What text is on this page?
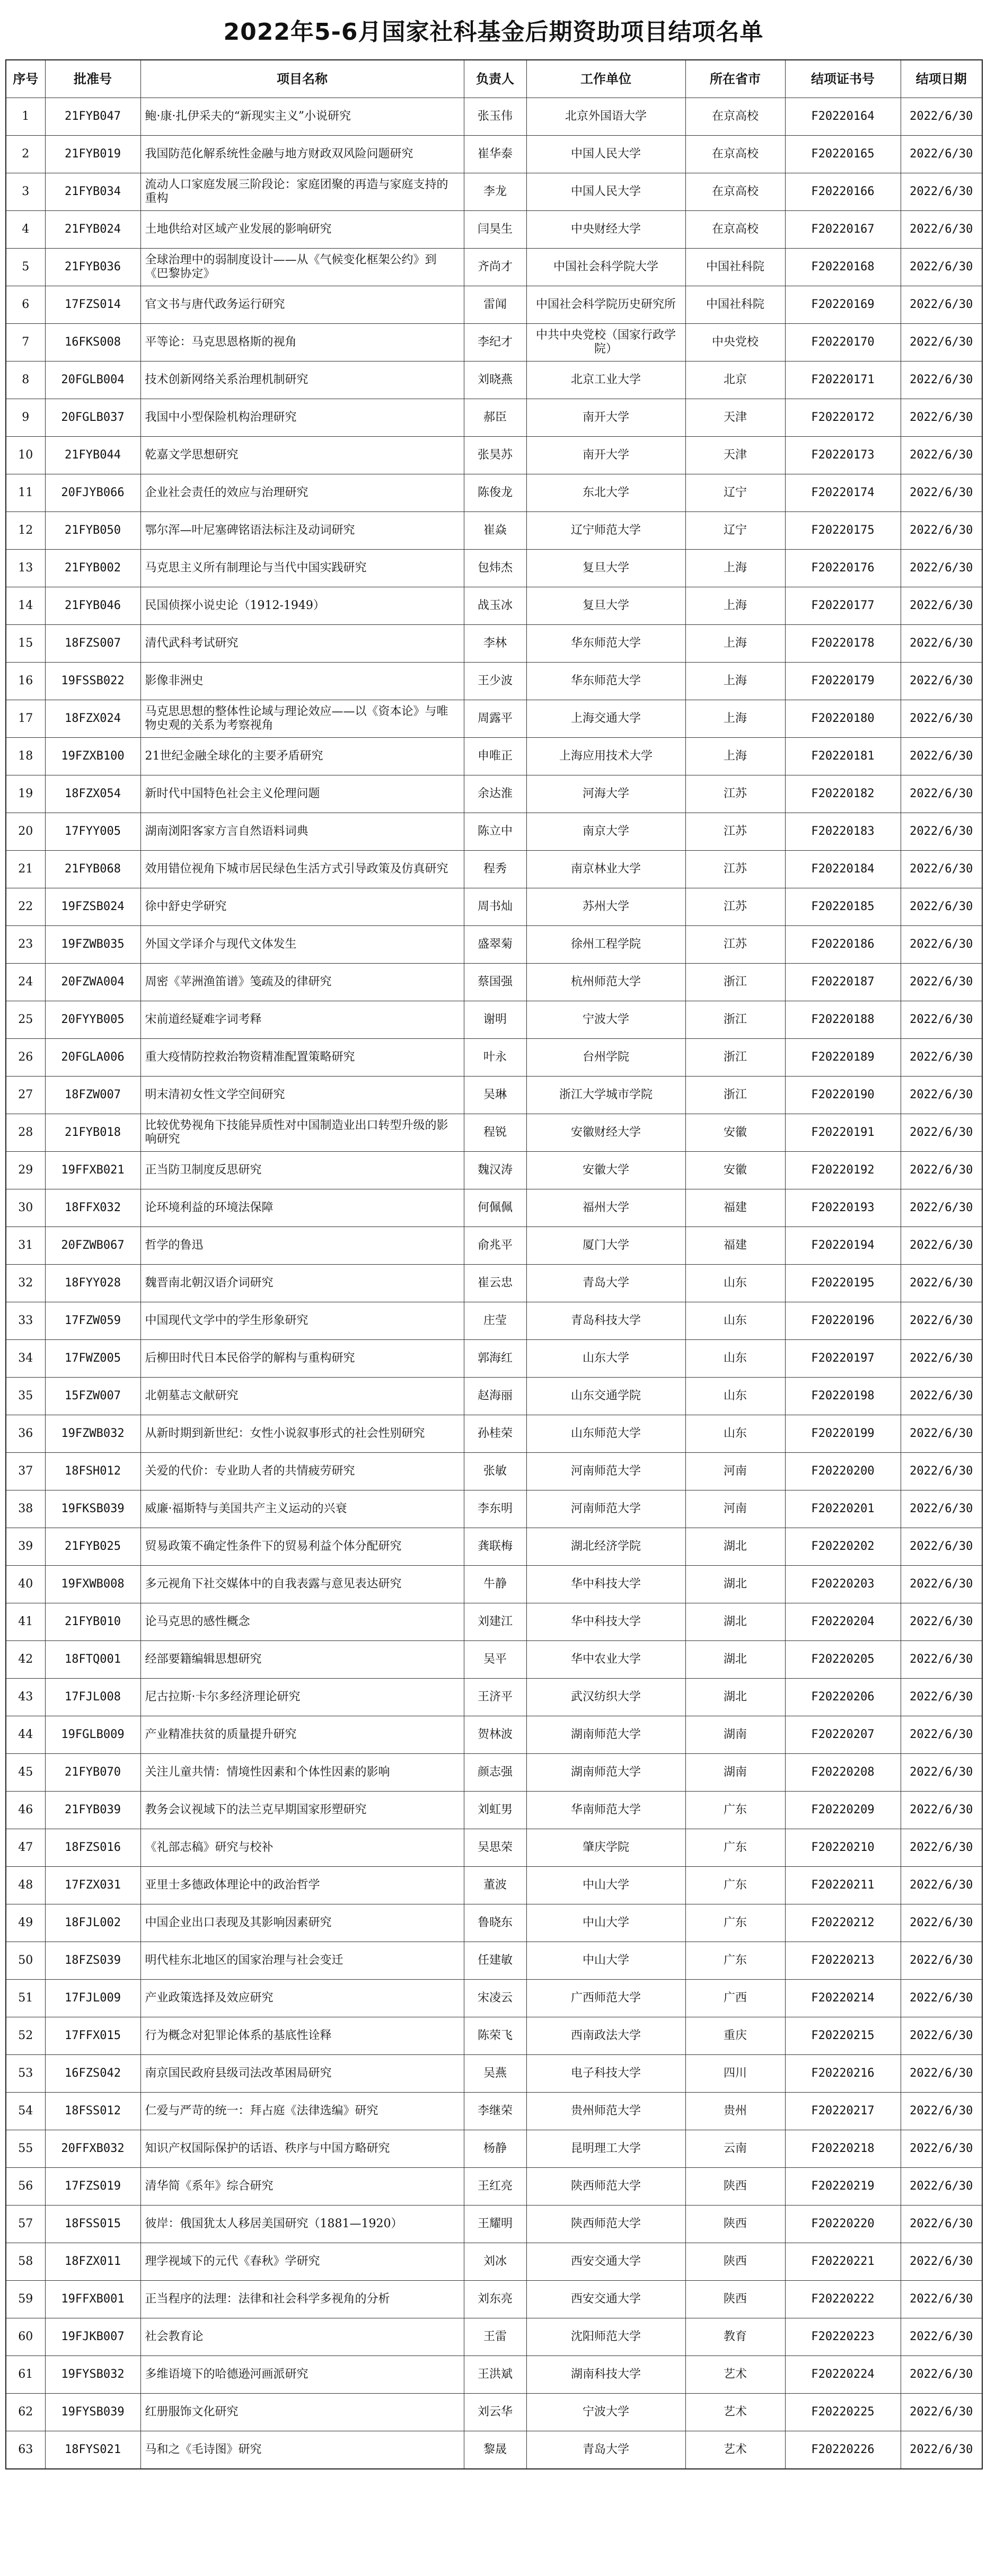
2022年5-6月国家社科基金后期资助项目结项名单
序号	批准号	项目名称	负责人	工作单位	所在省市	结项证书号	结项日期
1	21FYB047	鲍·康·扎伊采夫的“新现实主义”小说研究	张玉伟	北京外国语大学	在京高校	F20220164	2022/6/30
2	21FYB019	我国防范化解系统性金融与地方财政双风险问题研究	崔华泰	中国人民大学	在京高校	F20220165	2022/6/30
3	21FYB034	流动人口家庭发展三阶段论：家庭团聚的再造与家庭支持的重构	李龙	中国人民大学	在京高校	F20220166	2022/6/30
4	21FYB024	土地供给对区域产业发展的影响研究	闫昊生	中央财经大学	在京高校	F20220167	2022/6/30
5	21FYB036	全球治理中的弱制度设计——从《气候变化框架公约》到《巴黎协定》	齐尚才	中国社会科学院大学	中国社科院	F20220168	2022/6/30
6	17FZS014	官文书与唐代政务运行研究	雷闻	中国社会科学院历史研究所	中国社科院	F20220169	2022/6/30
7	16FKS008	平等论：马克思恩格斯的视角	李纪才	中共中央党校（国家行政学院）	中央党校	F20220170	2022/6/30
8	20FGLB004	技术创新网络关系治理机制研究	刘晓燕	北京工业大学	北京	F20220171	2022/6/30
9	20FGLB037	我国中小型保险机构治理研究	郝臣	南开大学	天津	F20220172	2022/6/30
10	21FYB044	乾嘉文学思想研究	张昊苏	南开大学	天津	F20220173	2022/6/30
11	20FJYB066	企业社会责任的效应与治理研究	陈俊龙	东北大学	辽宁	F20220174	2022/6/30
12	21FYB050	鄂尔浑—叶尼塞碑铭语法标注及动词研究	崔焱	辽宁师范大学	辽宁	F20220175	2022/6/30
13	21FYB002	马克思主义所有制理论与当代中国实践研究	包炜杰	复旦大学	上海	F20220176	2022/6/30
14	21FYB046	民国侦探小说史论（1912-1949）	战玉冰	复旦大学	上海	F20220177	2022/6/30
15	18FZS007	清代武科考试研究	李林	华东师范大学	上海	F20220178	2022/6/30
16	19FSSB022	影像非洲史	王少波	华东师范大学	上海	F20220179	2022/6/30
17	18FZX024	马克思思想的整体性论域与理论效应——以《资本论》与唯物史观的关系为考察视角	周露平	上海交通大学	上海	F20220180	2022/6/30
18	19FZXB100	21世纪金融全球化的主要矛盾研究	申唯正	上海应用技术大学	上海	F20220181	2022/6/30
19	18FZX054	新时代中国特色社会主义伦理问题	余达淮	河海大学	江苏	F20220182	2022/6/30
20	17FYY005	湖南浏阳客家方言自然语料词典	陈立中	南京大学	江苏	F20220183	2022/6/30
21	21FYB068	效用错位视角下城市居民绿色生活方式引导政策及仿真研究	程秀	南京林业大学	江苏	F20220184	2022/6/30
22	19FZSB024	徐中舒史学研究	周书灿	苏州大学	江苏	F20220185	2022/6/30
23	19FZWB035	外国文学译介与现代文体发生	盛翠菊	徐州工程学院	江苏	F20220186	2022/6/30
24	20FZWA004	周密《苹洲渔笛谱》笺疏及的律研究	蔡国强	杭州师范大学	浙江	F20220187	2022/6/30
25	20FYYB005	宋前道经疑难字词考释	谢明	宁波大学	浙江	F20220188	2022/6/30
26	20FGLA006	重大疫情防控救治物资精准配置策略研究	叶永	台州学院	浙江	F20220189	2022/6/30
27	18FZW007	明末清初女性文学空间研究	吴琳	浙江大学城市学院	浙江	F20220190	2022/6/30
28	21FYB018	比较优势视角下技能异质性对中国制造业出口转型升级的影响研究	程锐	安徽财经大学	安徽	F20220191	2022/6/30
29	19FFXB021	正当防卫制度反思研究	魏汉涛	安徽大学	安徽	F20220192	2022/6/30
30	18FFX032	论环境利益的环境法保障	何佩佩	福州大学	福建	F20220193	2022/6/30
31	20FZWB067	哲学的鲁迅	俞兆平	厦门大学	福建	F20220194	2022/6/30
32	18FYY028	魏晋南北朝汉语介词研究	崔云忠	青岛大学	山东	F20220195	2022/6/30
33	17FZW059	中国现代文学中的学生形象研究	庄莹	青岛科技大学	山东	F20220196	2022/6/30
34	17FWZ005	后柳田时代日本民俗学的解构与重构研究	郭海红	山东大学	山东	F20220197	2022/6/30
35	15FZW007	北朝墓志文献研究	赵海丽	山东交通学院	山东	F20220198	2022/6/30
36	19FZWB032	从新时期到新世纪：女性小说叙事形式的社会性别研究	孙桂荣	山东师范大学	山东	F20220199	2022/6/30
37	18FSH012	关爱的代价：专业助人者的共情疲劳研究	张敏	河南师范大学	河南	F20220200	2022/6/30
38	19FKSB039	威廉·福斯特与美国共产主义运动的兴衰	李东明	河南师范大学	河南	F20220201	2022/6/30
39	21FYB025	贸易政策不确定性条件下的贸易利益个体分配研究	龚联梅	湖北经济学院	湖北	F20220202	2022/6/30
40	19FXWB008	多元视角下社交媒体中的自我表露与意见表达研究	牛静	华中科技大学	湖北	F20220203	2022/6/30
41	21FYB010	论马克思的感性概念	刘建江	华中科技大学	湖北	F20220204	2022/6/30
42	18FTQ001	经部要籍编辑思想研究	吴平	华中农业大学	湖北	F20220205	2022/6/30
43	17FJL008	尼古拉斯·卡尔多经济理论研究	王济平	武汉纺织大学	湖北	F20220206	2022/6/30
44	19FGLB009	产业精准扶贫的质量提升研究	贺林波	湖南师范大学	湖南	F20220207	2022/6/30
45	21FYB070	关注儿童共情：情境性因素和个体性因素的影响	颜志强	湖南师范大学	湖南	F20220208	2022/6/30
46	21FYB039	教务会议视域下的法兰克早期国家形塑研究	刘虹男	华南师范大学	广东	F20220209	2022/6/30
47	18FZS016	《礼部志稿》研究与校补	吴思荣	肇庆学院	广东	F20220210	2022/6/30
48	17FZX031	亚里士多德政体理论中的政治哲学	董波	中山大学	广东	F20220211	2022/6/30
49	18FJL002	中国企业出口表现及其影响因素研究	鲁晓东	中山大学	广东	F20220212	2022/6/30
50	18FZS039	明代桂东北地区的国家治理与社会变迁	任建敏	中山大学	广东	F20220213	2022/6/30
51	17FJL009	产业政策选择及效应研究	宋凌云	广西师范大学	广西	F20220214	2022/6/30
52	17FFX015	行为概念对犯罪论体系的基底性诠释	陈荣飞	西南政法大学	重庆	F20220215	2022/6/30
53	16FZS042	南京国民政府县级司法改革困局研究	吴燕	电子科技大学	四川	F20220216	2022/6/30
54	18FSS012	仁爱与严苛的统一：拜占庭《法律选编》研究	李继荣	贵州师范大学	贵州	F20220217	2022/6/30
55	20FFXB032	知识产权国际保护的话语、秩序与中国方略研究	杨静	昆明理工大学	云南	F20220218	2022/6/30
56	17FZS019	清华简《系年》综合研究	王红亮	陕西师范大学	陕西	F20220219	2022/6/30
57	18FSS015	彼岸：俄国犹太人移居美国研究（1881—1920）	王耀明	陕西师范大学	陕西	F20220220	2022/6/30
58	18FZX011	理学视域下的元代《春秋》学研究	刘冰	西安交通大学	陕西	F20220221	2022/6/30
59	19FFXB001	正当程序的法理：法律和社会科学多视角的分析	刘东亮	西安交通大学	陕西	F20220222	2022/6/30
60	19FJKB007	社会教育论	王雷	沈阳师范大学	教育	F20220223	2022/6/30
61	19FYSB032	多维语境下的哈德逊河画派研究	王洪斌	湖南科技大学	艺术	F20220224	2022/6/30
62	19FYSB039	红册服饰文化研究	刘云华	宁波大学	艺术	F20220225	2022/6/30
63	18FYS021	马和之《毛诗图》研究	黎晟	青岛大学	艺术	F20220226	2022/6/30
